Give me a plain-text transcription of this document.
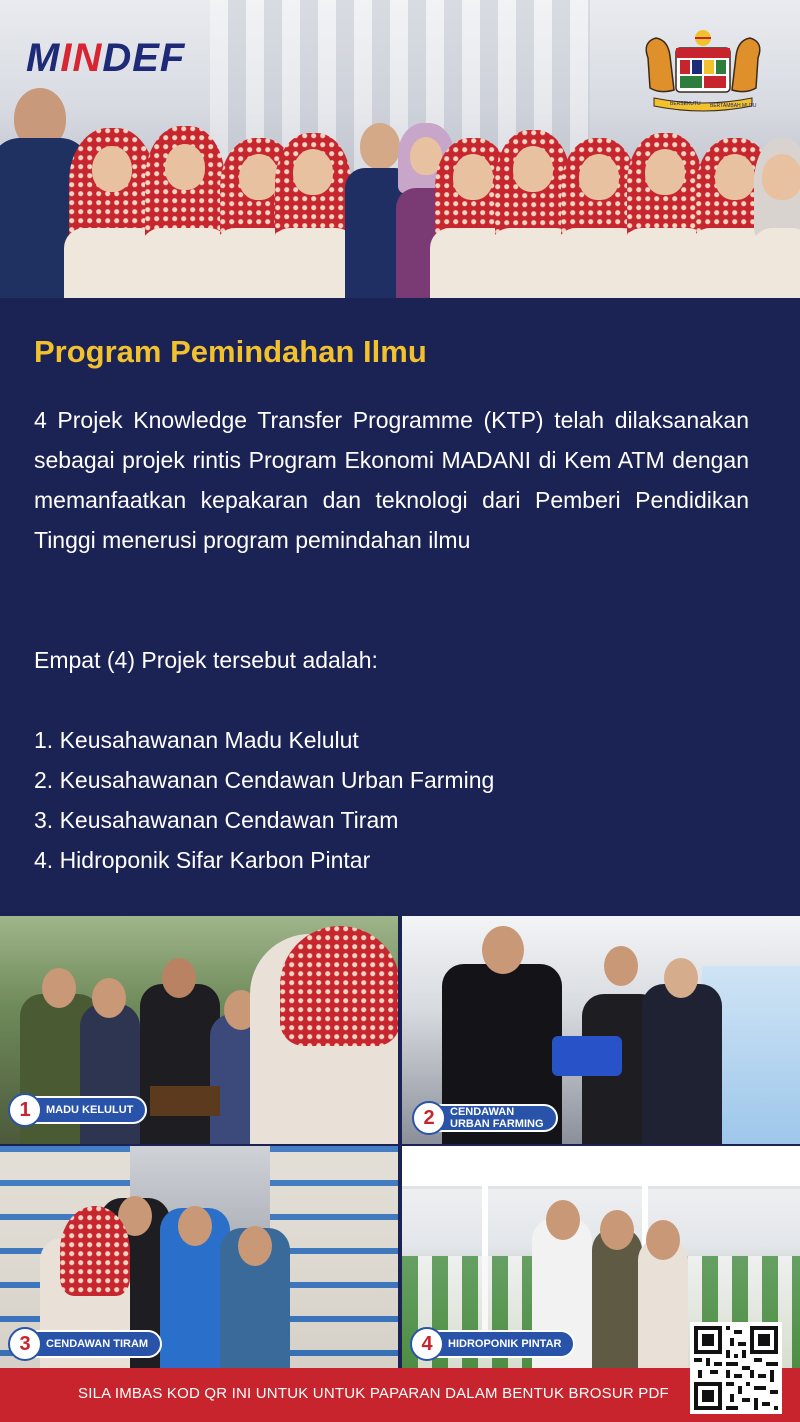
MINDEF
BERSEKUTU BERTAMBAH MUTU
Program Pemindahan Ilmu

4 Projek Knowledge Transfer Programme (KTP) telah dilaksanakan sebagai projek rintis Program Ekonomi MADANI di Kem ATM dengan memanfaatkan kepakaran dan teknologi dari Pemberi Pendidikan Tinggi menerusi program pemindahan ilmu

Empat (4) Projek tersebut adalah:

1. Keusahawanan Madu Kelulut
2. Keusahawanan Cendawan Urban Farming
3. Keusahawanan Cendawan Tiram
4. Hidroponik Sifar Karbon Pintar
1	MADU KELULUT	2	CENDAWAN
URBAN FARMING
3	CENDAWAN TIRAM	4	HIDROPONIK PINTAR
SILA IMBAS KOD QR INI UNTUK UNTUK PAPARAN DALAM BENTUK BROSUR PDF
